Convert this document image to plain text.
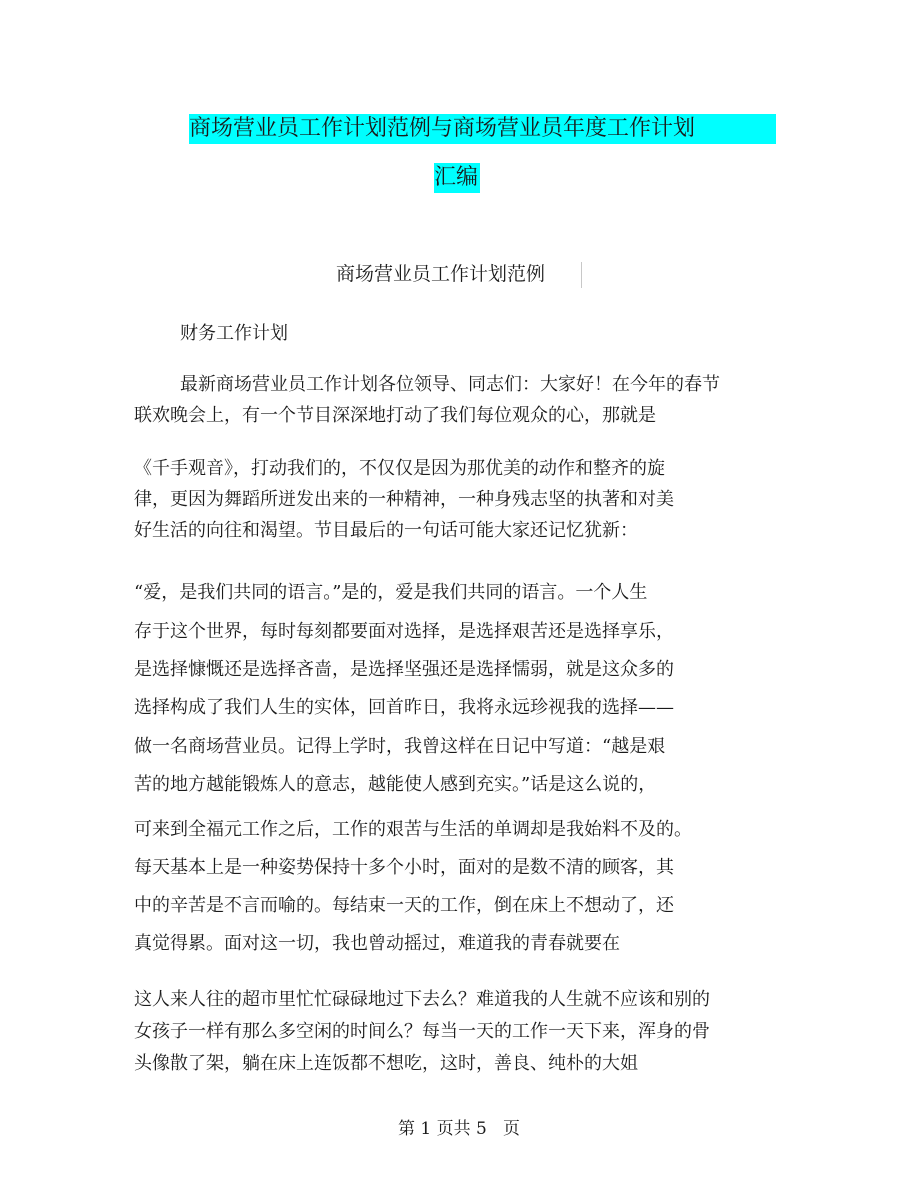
商场营业员工作计划范例与商场营业员年度工作计划
汇编
商场营业员工作计划范例
财务工作计划
最新商场营业员工作计划各位领导、同志们：大家好！在今年的春节
联欢晚会上，有一个节目深深地打动了我们每位观众的心，那就是
《千手观音》，打动我们的，不仅仅是因为那优美的动作和整齐的旋
律，更因为舞蹈所迸发出来的一种精神，一种身残志坚的执著和对美
好生活的向往和渴望。节目最后的一句话可能大家还记忆犹新：
“爱，是我们共同的语言。”是的，爱是我们共同的语言。一个人生
存于这个世界，每时每刻都要面对选择，是选择艰苦还是选择享乐，
是选择慷慨还是选择吝啬，是选择坚强还是选择懦弱，就是这众多的
选择构成了我们人生的实体，回首昨日，我将永远珍视我的选择——
做一名商场营业员。记得上学时，我曾这样在日记中写道：“越是艰
苦的地方越能锻炼人的意志，越能使人感到充实。”话是这么说的，
可来到全福元工作之后，工作的艰苦与生活的单调却是我始料不及的。
每天基本上是一种姿势保持十多个小时，面对的是数不清的顾客，其
中的辛苦是不言而喻的。每结束一天的工作，倒在床上不想动了，还
真觉得累。面对这一切，我也曾动摇过，难道我的青春就要在
这人来人往的超市里忙忙碌碌地过下去么？难道我的人生就不应该和别的
女孩子一样有那么多空闲的时间么？每当一天的工作一天下来，浑身的骨
头像散了架，躺在床上连饭都不想吃，这时，善良、纯朴的大姐
第 1 页共 5   页
